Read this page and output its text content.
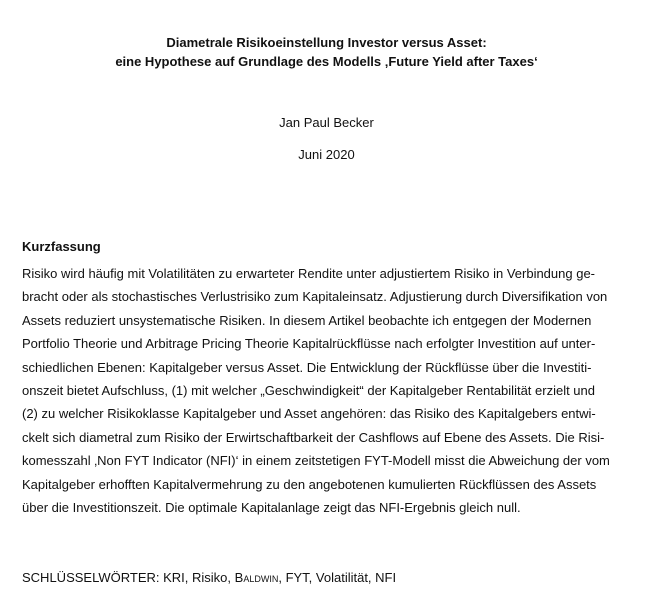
Diametrale Risikoeinstellung Investor versus Asset:
eine Hypothese auf Grundlage des Modells ‚Future Yield after Taxes‘
Jan Paul Becker
Juni 2020
Kurzfassung
Risiko wird häufig mit Volatilitäten zu erwarteter Rendite unter adjustiertem Risiko in Verbindung ge-
bracht oder als stochastisches Verlustrisiko zum Kapitaleinsatz. Adjustierung durch Diversifikation von
Assets reduziert unsystematische Risiken. In diesem Artikel beobachte ich entgegen der Modernen
Portfolio Theorie und Arbitrage Pricing Theorie Kapitalrückflüsse nach erfolgter Investition auf unter-
schiedlichen Ebenen: Kapitalgeber versus Asset. Die Entwicklung der Rückflüsse über die Investiti-
onszeit bietet Aufschluss, (1) mit welcher „Geschwindigkeit“ der Kapitalgeber Rentabilität erzielt und
(2) zu welcher Risikoklasse Kapitalgeber und Asset angehören: das Risiko des Kapitalgebers entwi-
ckelt sich diametral zum Risiko der Erwirtschaftbarkeit der Cashflows auf Ebene des Assets. Die Risi-
komesszahl ‚Non FYT Indicator (NFI)‘ in einem zeitstetigen FYT-Modell misst die Abweichung der vom
Kapitalgeber erhofften Kapitalvermehrung zu den angebotenen kumulierten Rückflüssen des Assets
über die Investitionszeit. Die optimale Kapitalanlage zeigt das NFI-Ergebnis gleich null.
SCHLÜSSELWÖRTER: KRI, Risiko, Baldwin, FYT, Volatilität, NFI
